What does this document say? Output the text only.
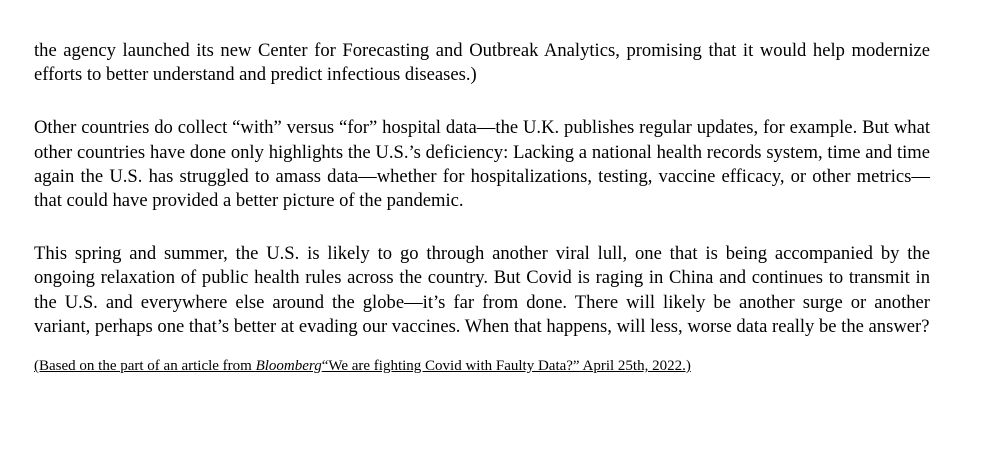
the agency launched its new Center for Forecasting and Outbreak Analytics, promising that it would help modernize efforts to better understand and predict infectious diseases.)

Other countries do collect “with” versus “for” hospital data—the U.K. publishes regular updates, for example. But what other countries have done only highlights the U.S.’s deficiency: Lacking a national health records system, time and time again the U.S. has struggled to amass data—whether for hospitalizations, testing, vaccine efficacy, or other metrics—that could have provided a better picture of the pandemic.

This spring and summer, the U.S. is likely to go through another viral lull, one that is being accompanied by the ongoing relaxation of public health rules across the country. But Covid is raging in China and continues to transmit in the U.S. and everywhere else around the globe—it’s far from done. There will likely be another surge or another variant, perhaps one that’s better at evading our vaccines. When that happens, will less, worse data really be the answer?

(Based on the part of an article from Bloomberg“We are fighting Covid with Faulty Data?” April 25th, 2022.)
